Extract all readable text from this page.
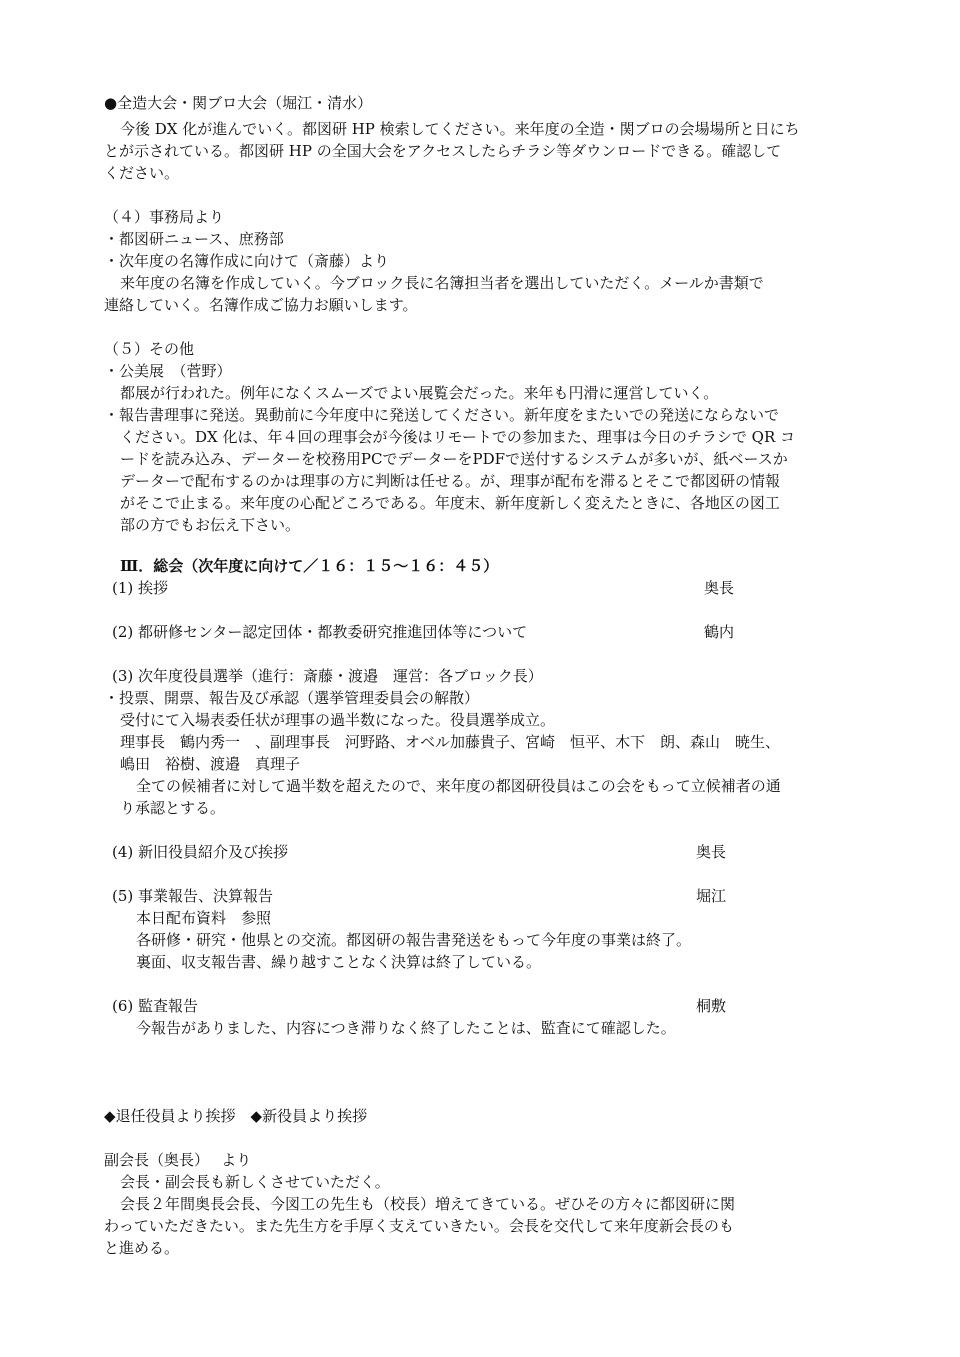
●全造大会・関ブロ大会（堀江・清水）

今後 DX 化が進んでいく。都図研 HP 検索してください。来年度の全造・関ブロの会場場所と日にち

とが示されている。都図研 HP の全国大会をアクセスしたらチラシ等ダウンロードできる。確認して

ください。

（４）事務局より

・都図研ニュース、庶務部

・次年度の名簿作成に向けて（斎藤）より

来年度の名簿を作成していく。今ブロック長に名簿担当者を選出していただく。メールか書類で

連絡していく。名簿作成ご協力お願いします。

（５）その他

・公美展　（菅野）

都展が行われた。例年になくスムーズでよい展覧会だった。来年も円滑に運営していく。

・報告書理事に発送。異動前に今年度中に発送してください。新年度をまたいでの発送にならないで

ください。DX 化は、年４回の理事会が今後はリモートでの参加また、理事は今日のチラシで QR コ

ードを読み込み、データーを校務用PCでデーターをPDFで送付するシステムが多いが、紙ベースか

データーで配布するのかは理事の方に判断は任せる。が、理事が配布を滞るとそこで都図研の情報

がそこで止まる。来年度の心配どころである。年度末、新年度新しく変えたときに、各地区の図工

部の方でもお伝え下さい。

Ⅲ．総会（次年度に向けて／１６：１５～１６：４５）

(1) 挨拶	奥長

(2) 都研修センター認定団体・都教委研究推進団体等について	鶴内

(3) 次年度役員選挙（進行：斎藤・渡邉　運営：各ブロック長）

・投票、開票、報告及び承認（選挙管理委員会の解散）

受付にて入場表委任状が理事の過半数になった。役員選挙成立。

理事長　鶴内秀一　、副理事長　河野路、オベル加藤貴子、宮崎　恒平、木下　朗、森山　暁生、

嶋田　裕樹、渡邉　真理子

全ての候補者に対して過半数を超えたので、来年度の都図研役員はこの会をもって立候補者の通

り承認とする。

(4) 新旧役員紹介及び挨拶	奥長

(5) 事業報告、決算報告	堀江

本日配布資料　参照

各研修・研究・他県との交流。都図研の報告書発送をもって今年度の事業は終了。

裏面、収支報告書、繰り越すことなく決算は終了している。

(6) 監査報告	桐敷

今報告がありました、内容につき滞りなく終了したことは、監査にて確認した。

◆退任役員より挨拶　◆新役員より挨拶

副会長（奥長）　 より

会長・副会長も新しくさせていただく。

会長２年間奥長会長、今図工の先生も（校長）増えてきている。ぜひその方々に都図研に関

わっていただきたい。また先生方を手厚く支えていきたい。会長を交代して来年度新会長のも

と進める。
